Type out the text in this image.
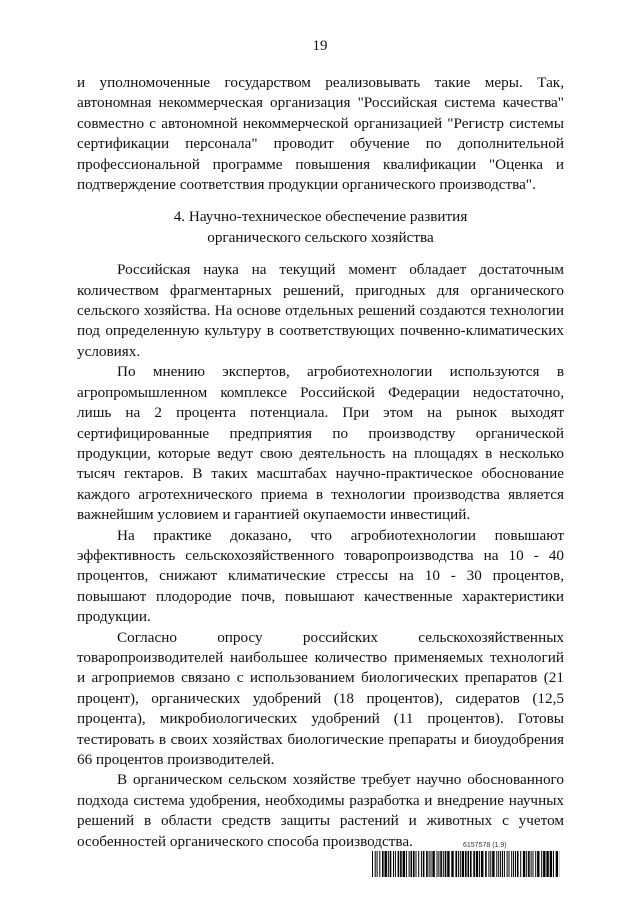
19

и уполномоченные государством реализовывать такие меры. Так, автономная некоммерческая организация "Российская система качества" совместно с автономной некоммерческой организацией "Регистр системы сертификации персонала" проводит обучение по дополнительной профессиональной программе повышения квалификации "Оценка и подтверждение соответствия продукции органического производства".

4. Научно-техническое обеспечение развития
органического сельского хозяйства

Российская наука на текущий момент обладает достаточным количеством фрагментарных решений, пригодных для органического сельского хозяйства. На основе отдельных решений создаются технологии под определенную культуру в соответствующих почвенно-климатических условиях.

По мнению экспертов, агробиотехнологии используются в агропромышленном комплексе Российской Федерации недостаточно, лишь на 2 процента потенциала. При этом на рынок выходят сертифицированные предприятия по производству органической продукции, которые ведут свою деятельность на площадях в несколько тысяч гектаров. В таких масштабах научно-практическое обоснование каждого агротехнического приема в технологии производства является важнейшим условием и гарантией окупаемости инвестиций.

На практике доказано, что агробиотехнологии повышают эффективность сельскохозяйственного товаропроизводства на 10 - 40 процентов, снижают климатические стрессы на 10 - 30 процентов, повышают плодородие почв, повышают качественные характеристики продукции.

Согласно опросу российских сельскохозяйственных товаропроизводителей наибольшее количество применяемых технологий и агроприемов связано с использованием биологических препаратов (21 процент), органических удобрений (18 процентов), сидератов (12,5 процента), микробиологических удобрений (11 процентов). Готовы тестировать в своих хозяйствах биологические препараты и биоудобрения 66 процентов производителей.

В органическом сельском хозяйстве требует научно обоснованного подхода система удобрения, необходимы разработка и внедрение научных решений в области средств защиты растений и животных с учетом особенностей органического способа производства.	6157578 (1.9)
